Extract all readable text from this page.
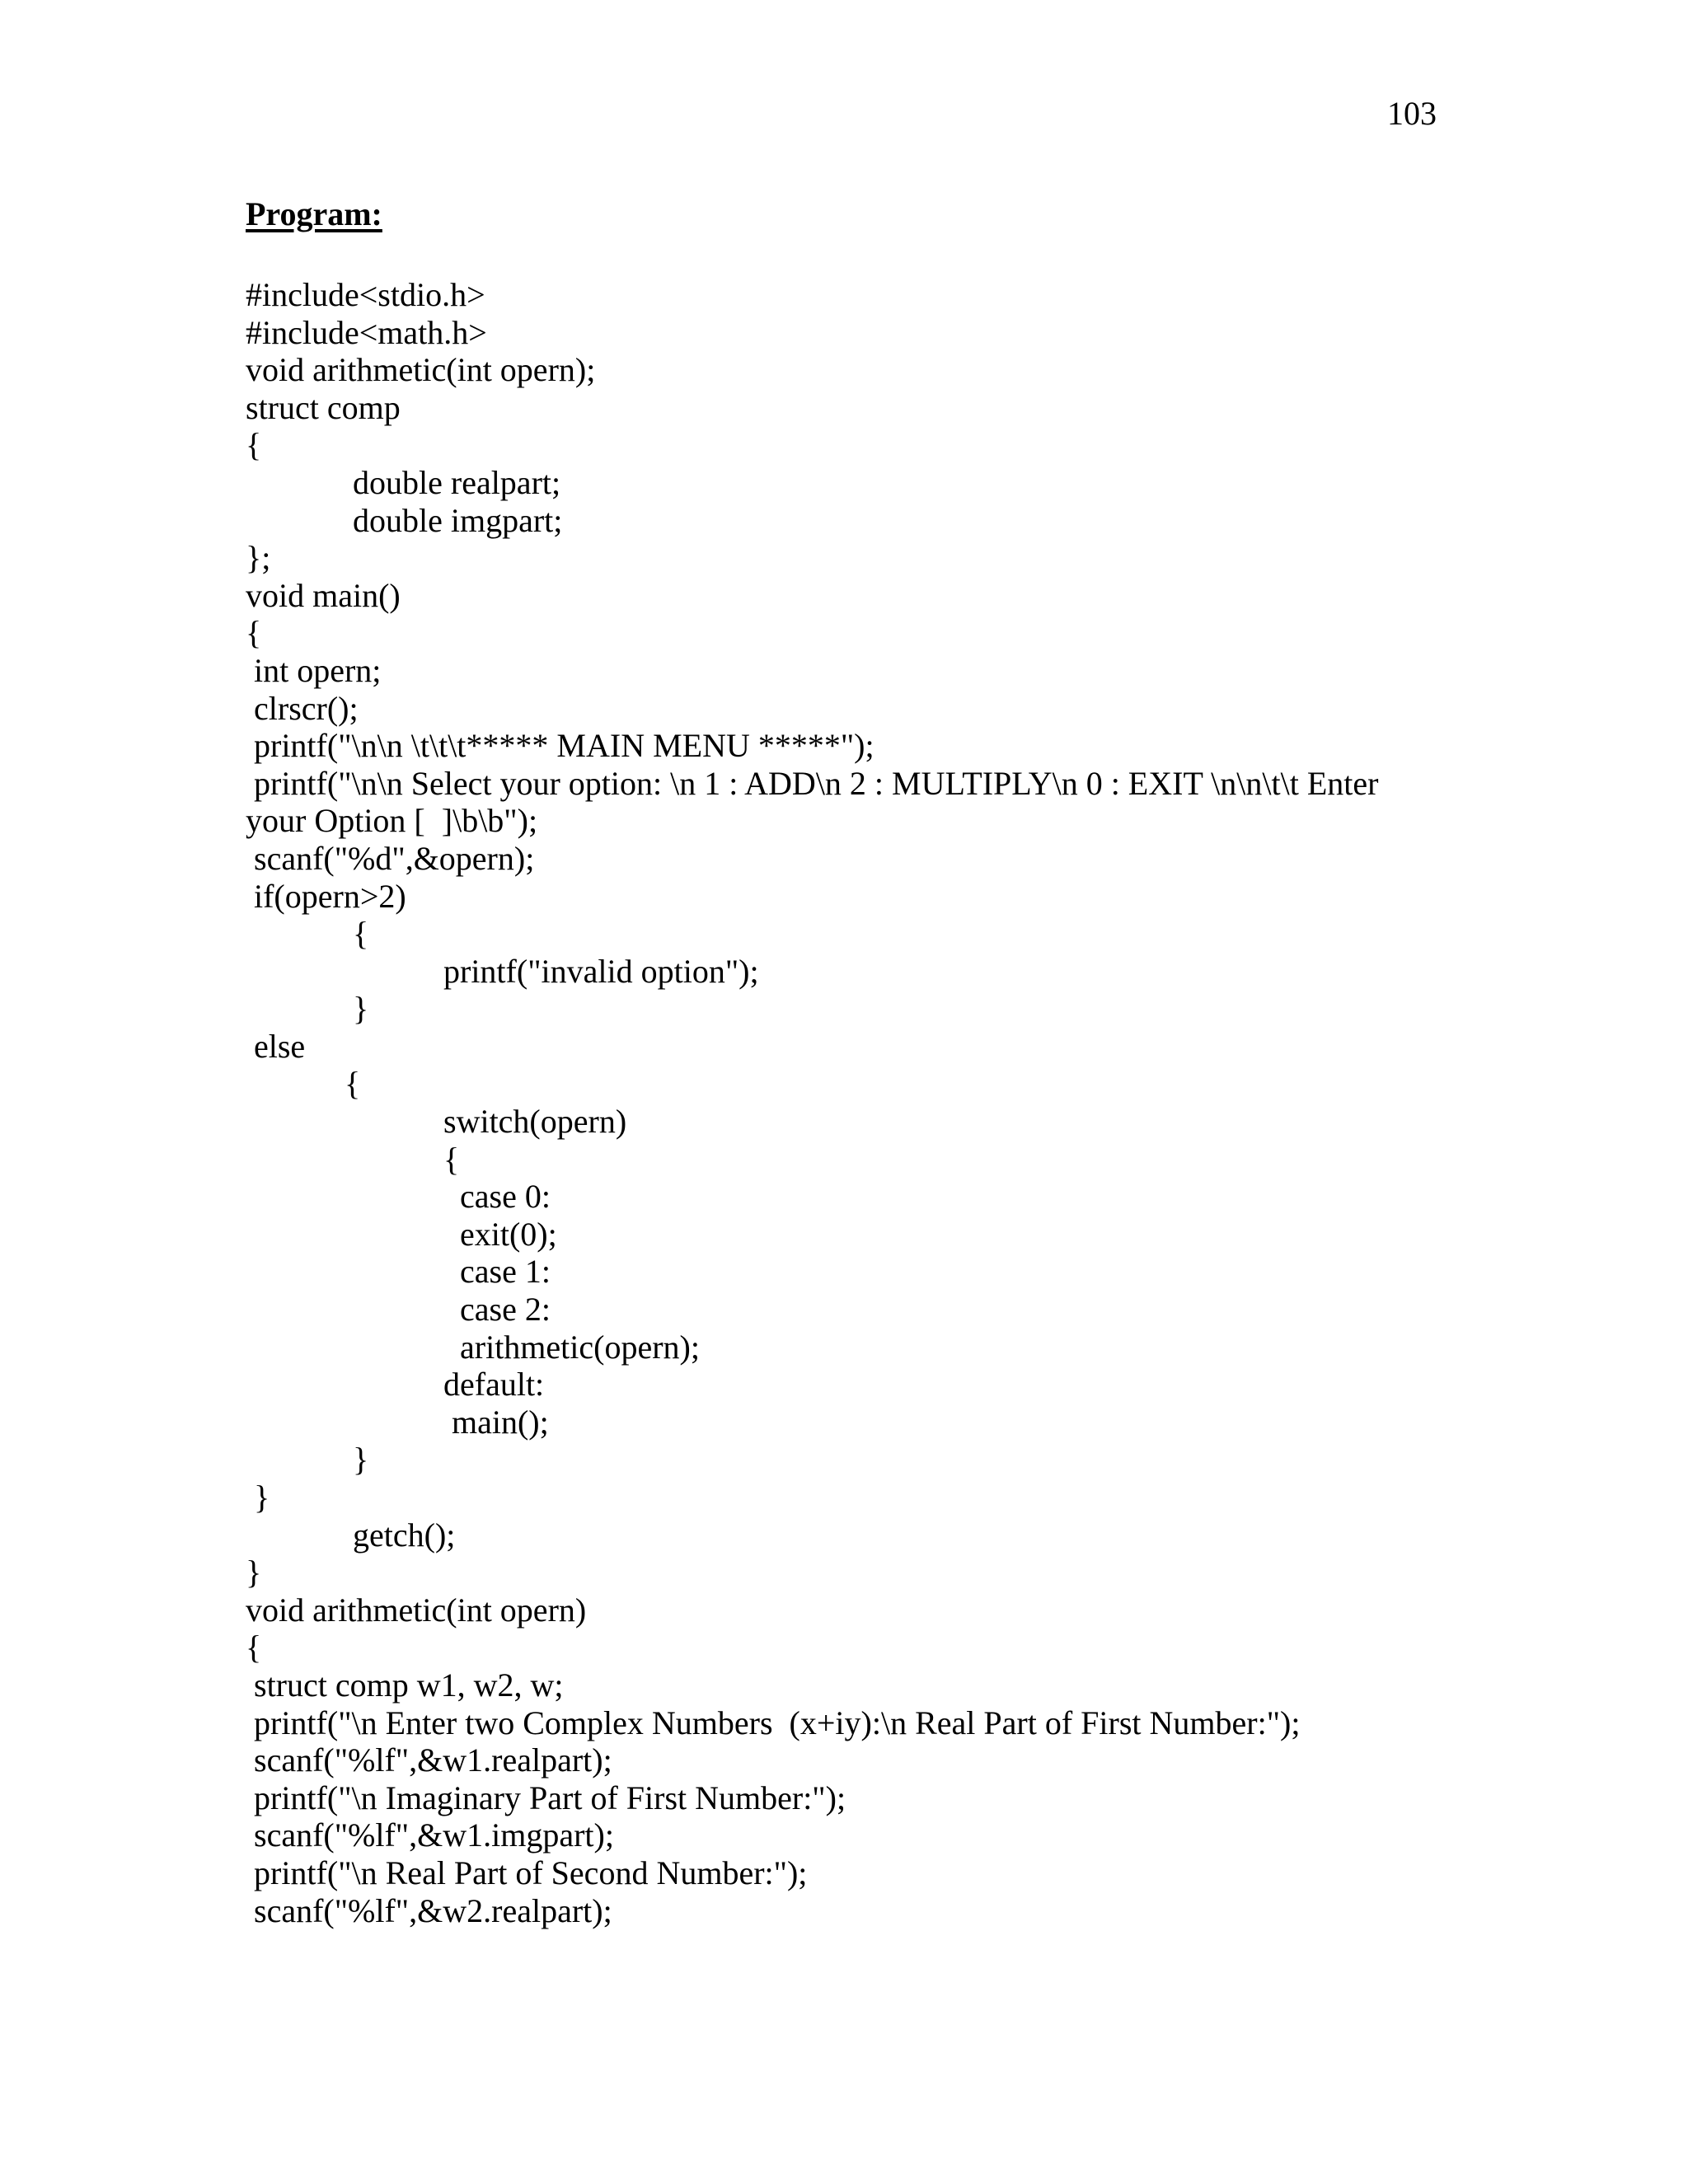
103
Program:
#include<stdio.h>
#include<math.h>
void arithmetic(int opern);
struct comp
{
double realpart;
double imgpart;
};
void main()
{
int opern;
clrscr();
printf("\n\n \t\t\t***** MAIN MENU *****");
printf("\n\n Select your option: \n 1 : ADD\n 2 : MULTIPLY\n 0 : EXIT \n\n\t\t Enter
your Option [  ]\b\b");
scanf("%d",&opern);
if(opern>2)
{
printf("invalid option");
}
else
{
switch(opern)
{
case 0:
exit(0);
case 1:
case 2:
arithmetic(opern);
default:
main();
}
}
getch();
}
void arithmetic(int opern)
{
struct comp w1, w2, w;
printf("\n Enter two Complex Numbers  (x+iy):\n Real Part of First Number:");
scanf("%lf",&w1.realpart);
printf("\n Imaginary Part of First Number:");
scanf("%lf",&w1.imgpart);
printf("\n Real Part of Second Number:");
scanf("%lf",&w2.realpart);
